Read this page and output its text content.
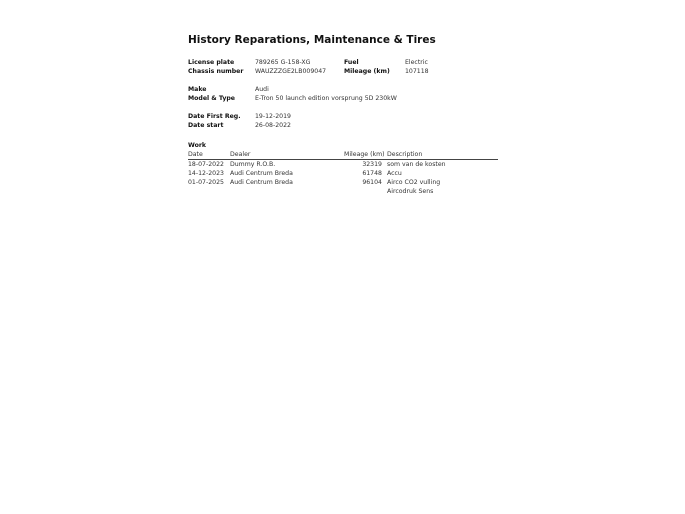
History Reparations, Maintenance & Tires
License plate	789265 G-158-XG	Fuel	Electric
Chassis number WAUZZZGE2LB009047	Mileage (km) 107118
Make	Audi
Model & Type	E-Tron 50 launch edition vorsprung 5D 230kW
Date First Reg. 19-12-2019
Date start	26-08-2022
Work
Date	Dealer	Mileage (km) Description
18-07-2022 Dummy R.O.B.	32319 som van de kosten
14-12-2023 Audi Centrum Breda	61748 Accu
01-07-2025 Audi Centrum Breda	96104 Airco CO2 vulling
Aircodruk Sens
